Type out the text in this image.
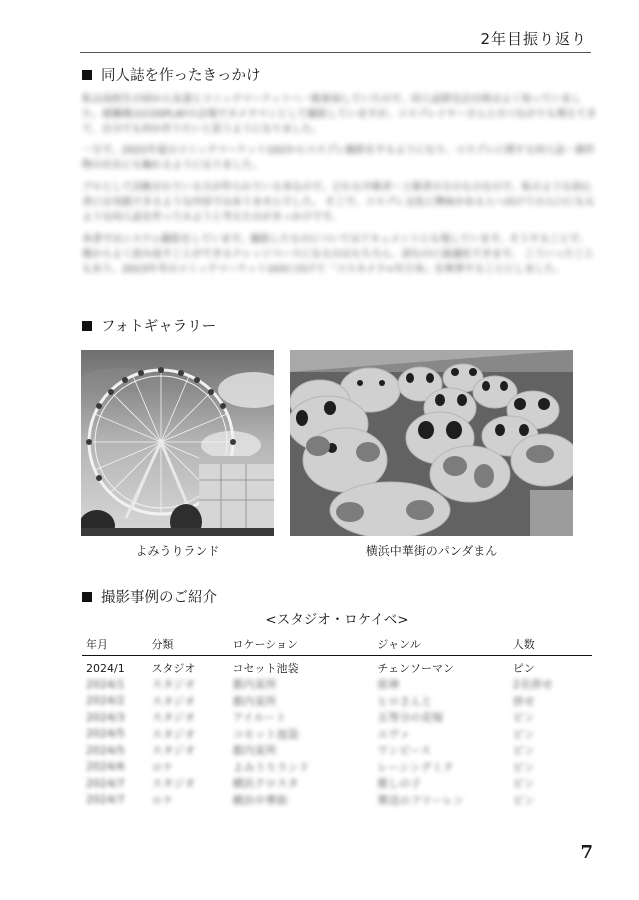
2年目振り返り
同人誌を作ったきっかけ

私は高校生の頃から友達とコミックマーケットへ一般参加していたので、同人誌即売会自体はよく知っていました。就職後はCOSPLAYの会場でカメラマンとして撮影していますが、コスプレイヤーさんとのつながりも増えてきて、自分でも何か作りたいと思うようになりました。

一方で、2022年夏のコミックマーケット102からコスプレ撮影をするようになり、コスプレに関する同人誌・創作物の存在にも触れるようになりました。

プロとして活動されている方が作られている本なので、どれも中級者〜上級者の方のものなので、私のような初心者には実践できるような内容ではありませんでした。 そこで、コスプレ文化に興味がある人へ向けての入口になるような同人誌を作ってみようと考えたのがきっかけです。

本書ではシステム撮影をしています。撮影したものについてはドキュメントにも残しています。そうすることで、後からよく読み返すことができるナレッジベースになるのはもちろん、読むのに最適化できます。 こういったこともあり、2023年冬のコミックマーケット103に向けて「コスカメラ+年日本」を執筆することにしました。

フォトギャラリー
よみうりランド	横浜中華街のパンダまん
撮影事例のご紹介
<スタジオ・ロケイベ>
年月	分類	ロケーション	ジャンル	人数
2024/1	スタジオ	コセット池袋	チェンソーマン	ピン
2024/1	スタジオ	都内某所	原神	2名併せ
2024/2	スタジオ	都内某所	ヒロさんと	併せ
2024/3	スタジオ	アイルート	五等分の花嫁	ピン
2024/5	スタジオ	コセット池袋	エヴァ	ピン
2024/5	スタジオ	都内某所	ワンピース	ピン
2024/6	ロケ	よみうりランド	レーシングミク	ピン
2024/7	スタジオ	横浜クロスタ	推しの子	ピン
2024/7	ロケ	横浜中華街	葬送のフリーレン	ピン
7
